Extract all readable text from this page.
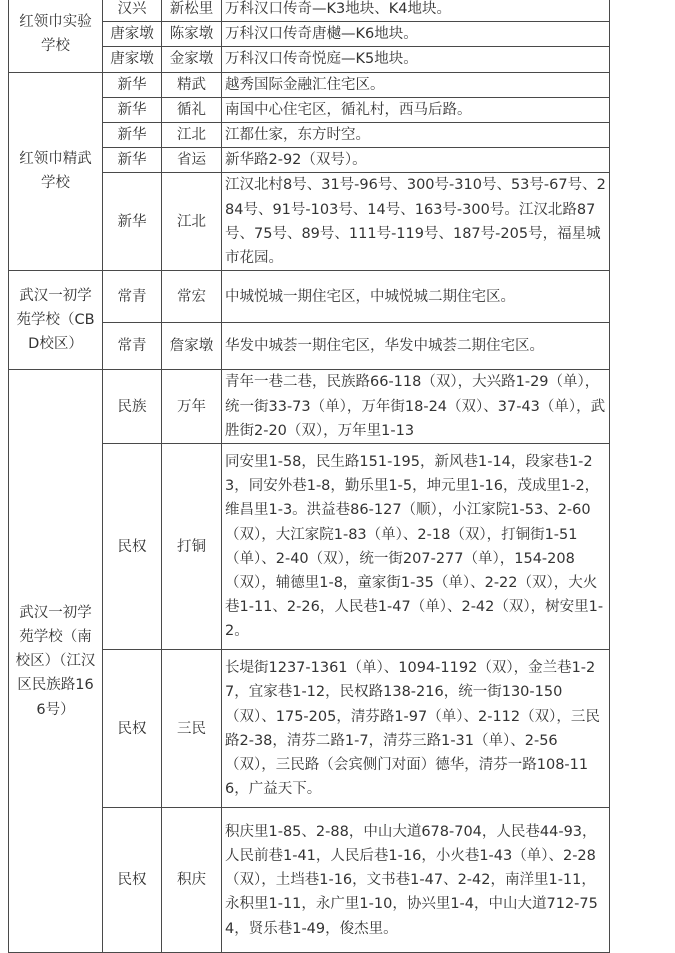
红领巾实验学校	汉兴	新松里	万科汉口传奇—K3地块、K4地块。
	唐家墩	陈家墩	万科汉口传奇唐樾—K6地块。
	唐家墩	金家墩	万科汉口传奇悦庭—K5地块。
红领巾精武学校	新华	精武	越秀国际金融汇住宅区。
	新华	循礼	南国中心住宅区，循礼村，西马后路。
	新华	江北	江都仕家，东方时空。
	新华	省运	新华路2-92（双号）。
	新华	江北	江汉北村8号、31号-96号、300号-310号、53号-67号、284号、91号-103号、14号、163号-300号。江汉北路87号、75号、89号、111号-119号、187号-205号，福星城市花园。
武汉一初学苑学校（CBD校区）	常青	常宏	中城悦城一期住宅区，中城悦城二期住宅区。
	常青	詹家墩	华发中城荟一期住宅区，华发中城荟二期住宅区。
武汉一初学苑学校（南校区）（江汉区民族路166号）	民族	万年	青年一巷二巷，民族路66-118（双），大兴路1-29（单），统一街33-73（单），万年街18-24（双）、37-43（单），武胜街2-20（双），万年里1-13
	民权	打铜	同安里1-58，民生路151-195，新风巷1-14，段家巷1-23，同安外巷1-8，勤乐里1-5，坤元里1-16，茂成里1-2，维昌里1-3。洪益巷86-127（顺），小江家院1-53、2-60（双），大江家院1-83（单）、2-18（双），打铜街1-51（单）、2-40（双），统一街207-277（单），154-208（双），辅德里1-8，童家街1-35（单）、2-22（双），大火巷1-11、2-26，人民巷1-47（单）、2-42（双），树安里1-2。
	民权	三民	长堤街1237-1361（单）、1094-1192（双），金兰巷1-27，宜家巷1-12，民权路138-216，统一街130-150（双）、175-205，清芬路1-97（单）、2-112（双），三民路2-38，清芬二路1-7，清芬三路1-31（单）、2-56（双），三民路（会宾侧门对面）德华，清芬一路108-116，广益天下。
	民权	积庆	积庆里1-85、2-88，中山大道678-704，人民巷44-93，人民前巷1-41，人民后巷1-16，小火巷1-43（单）、2-28（双），土垱巷1-16，文书巷1-47、2-42，南洋里1-11，永积里1-11，永广里1-10，协兴里1-4，中山大道712-754，贤乐巷1-49，俊杰里。
